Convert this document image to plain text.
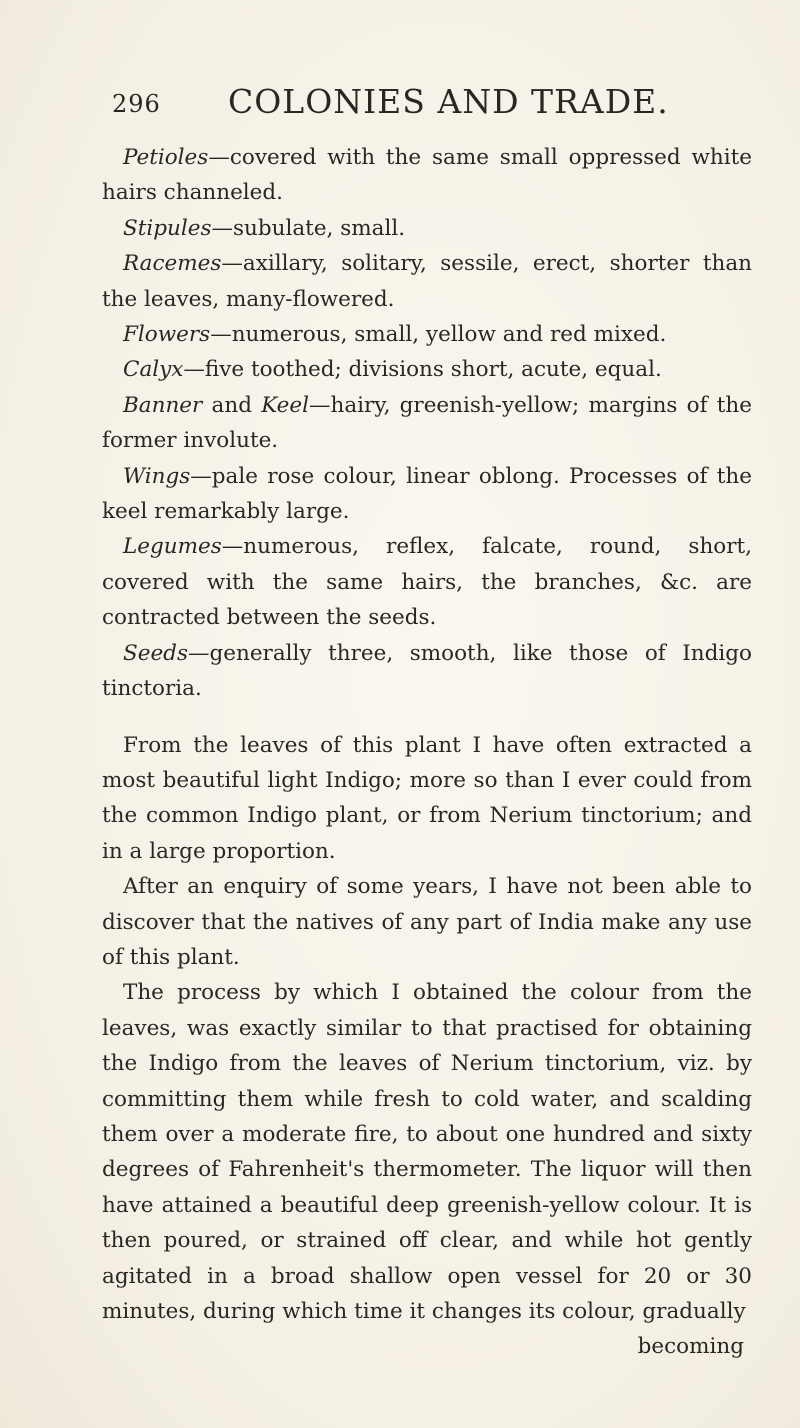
296 COLONIES AND TRADE.

Petioles—covered with the same small oppressed white hairs channeled.

Stipules—subulate, small.

Racemes—axillary, solitary, sessile, erect, shorter than the leaves, many-flowered.

Flowers—numerous, small, yellow and red mixed.

Calyx—five toothed; divisions short, acute, equal.

Banner and Keel—hairy, greenish-yellow; margins of the former involute.

Wings—pale rose colour, linear oblong. Processes of the keel remarkably large.

Legumes—numerous, reflex, falcate, round, short, covered with the same hairs, the branches, &c. are contracted between the seeds.

Seeds—generally three, smooth, like those of Indigo tinctoria.

From the leaves of this plant I have often extracted a most beautiful light Indigo; more so than I ever could from the common Indigo plant, or from Nerium tinctorium; and in a large proportion.

After an enquiry of some years, I have not been able to discover that the natives of any part of India make any use of this plant.

The process by which I obtained the colour from the leaves, was exactly similar to that practised for obtaining the Indigo from the leaves of Nerium tinctorium, viz. by committing them while fresh to cold water, and scalding them over a moderate fire, to about one hundred and sixty degrees of Fahrenheit's thermometer. The liquor will then have attained a beautiful deep greenish-yellow colour. It is then poured, or strained off clear, and while hot gently agitated in a broad shallow open vessel for 20 or 30 minutes, during which time it changes its colour, gradually

becoming
